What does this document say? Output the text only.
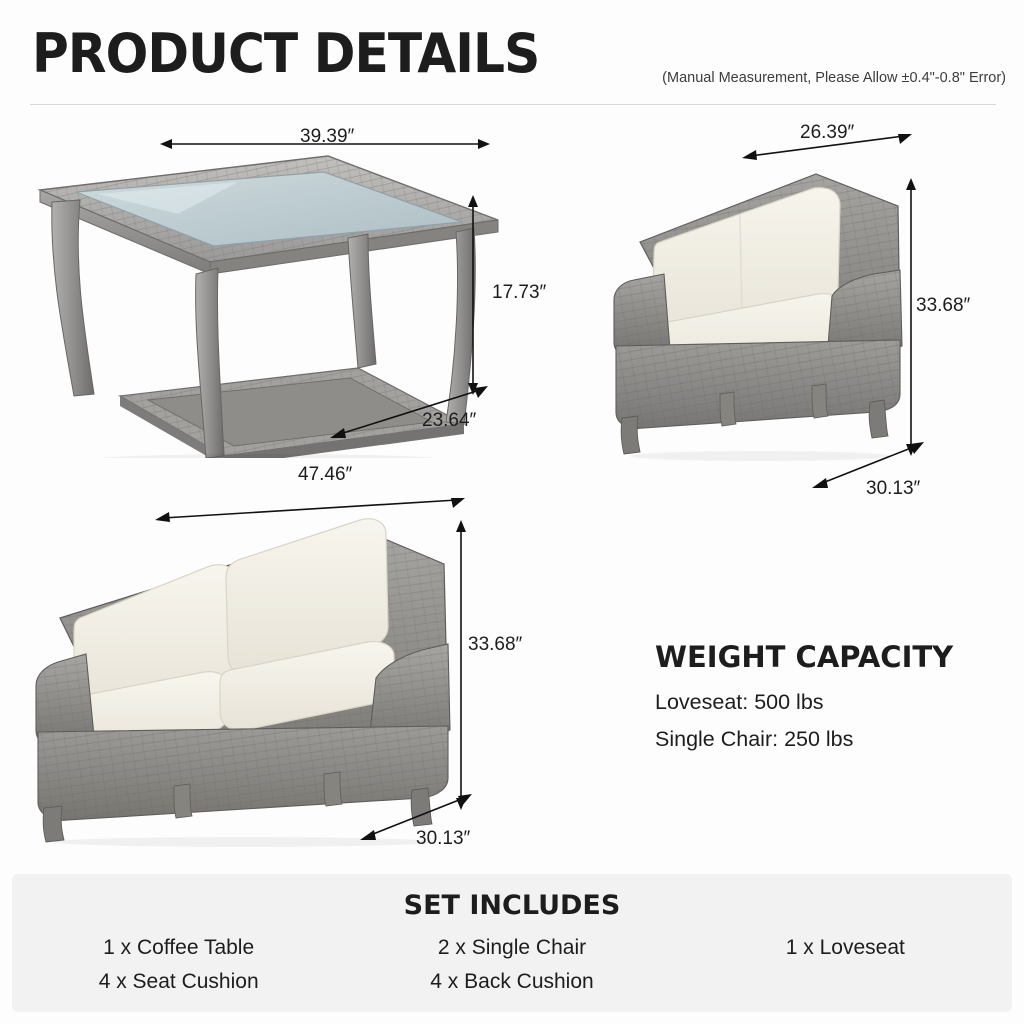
PRODUCT DETAILS	(Manual Measurement, Please Allow ±0.4"-0.8" Error)
39.39″
17.73″
23.64″
26.39″
33.68″
30.13″
47.46″
33.68″
30.13″
WEIGHT CAPACITY
Loveseat: 500 lbs
Single Chair: 250 lbs
SET INCLUDES
1 x Coffee Table	2 x Single Chair	1 x Loveseat
4 x Seat Cushion	4 x Back Cushion
